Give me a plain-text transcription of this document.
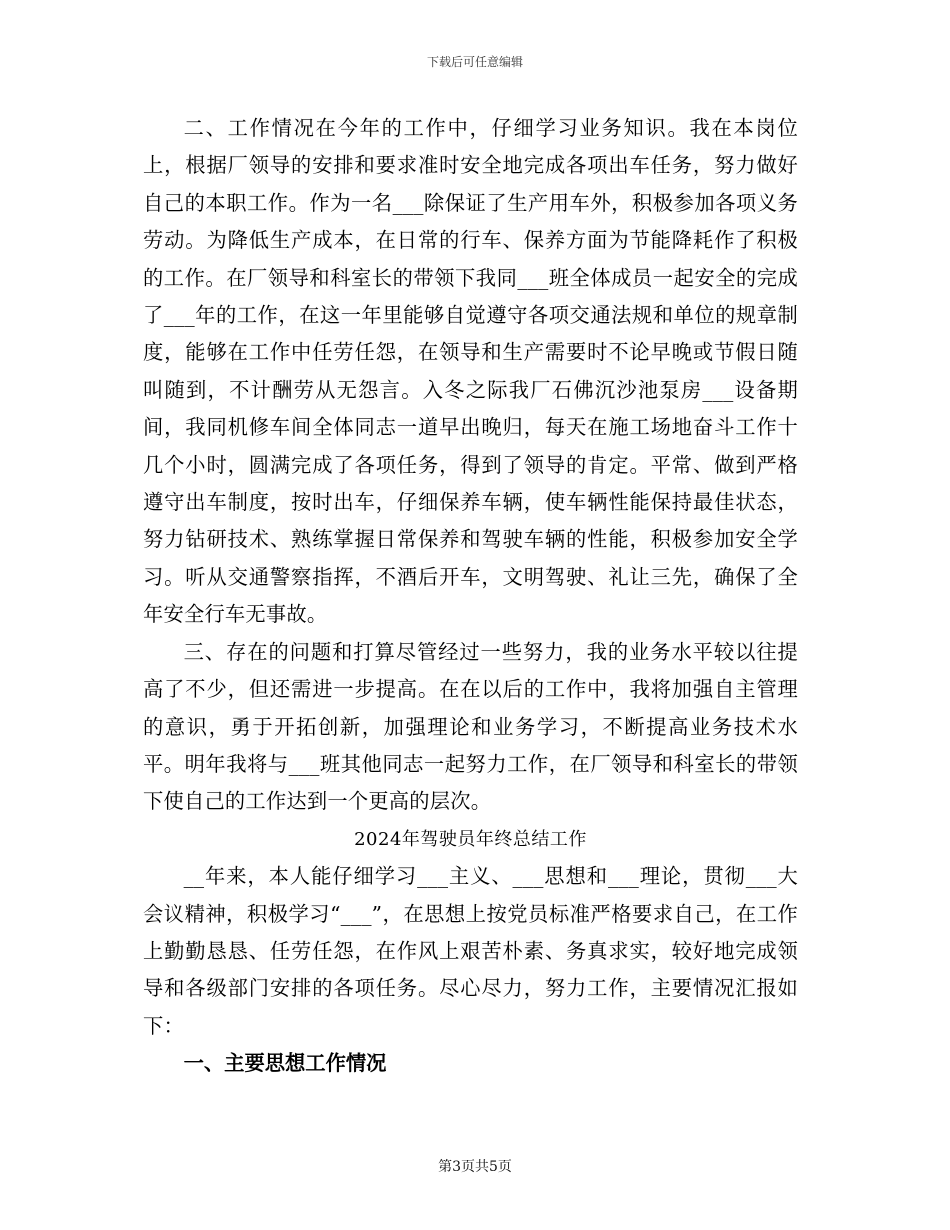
下载后可任意编辑

二、工作情况在今年的工作中，仔细学习业务知识。我在本岗位上，根据厂领导的安排和要求准时安全地完成各项出车任务，努力做好自己的本职工作。作为一名___除保证了生产用车外，积极参加各项义务劳动。为降低生产成本，在日常的行车、保养方面为节能降耗作了积极的工作。在厂领导和科室长的带领下我同___班全体成员一起安全的完成了___年的工作，在这一年里能够自觉遵守各项交通法规和单位的规章制度，能够在工作中任劳任怨，在领导和生产需要时不论早晚或节假日随叫随到，不计酬劳从无怨言。入冬之际我厂石佛沉沙池泵房___设备期间，我同机修车间全体同志一道早出晚归，每天在施工场地奋斗工作十几个小时，圆满完成了各项任务，得到了领导的肯定。平常、做到严格遵守出车制度，按时出车，仔细保养车辆，使车辆性能保持最佳状态，努力钻研技术、熟练掌握日常保养和驾驶车辆的性能，积极参加安全学习。听从交通警察指挥，不酒后开车，文明驾驶、礼让三先，确保了全年安全行车无事故。

三、存在的问题和打算尽管经过一些努力，我的业务水平较以往提高了不少，但还需进一步提高。在在以后的工作中，我将加强自主管理的意识，勇于开拓创新，加强理论和业务学习，不断提高业务技术水平。明年我将与___班其他同志一起努力工作，在厂领导和科室长的带领下使自己的工作达到一个更高的层次。

2024年驾驶员年终总结工作

__年来，本人能仔细学习___主义、___思想和___理论，贯彻___大会议精神，积极学习“___”，在思想上按党员标准严格要求自己，在工作上勤勤恳恳、任劳任怨，在作风上艰苦朴素、务真求实，较好地完成领导和各级部门安排的各项任务。尽心尽力，努力工作，主要情况汇报如下：

一、主要思想工作情况

第3页共5页
